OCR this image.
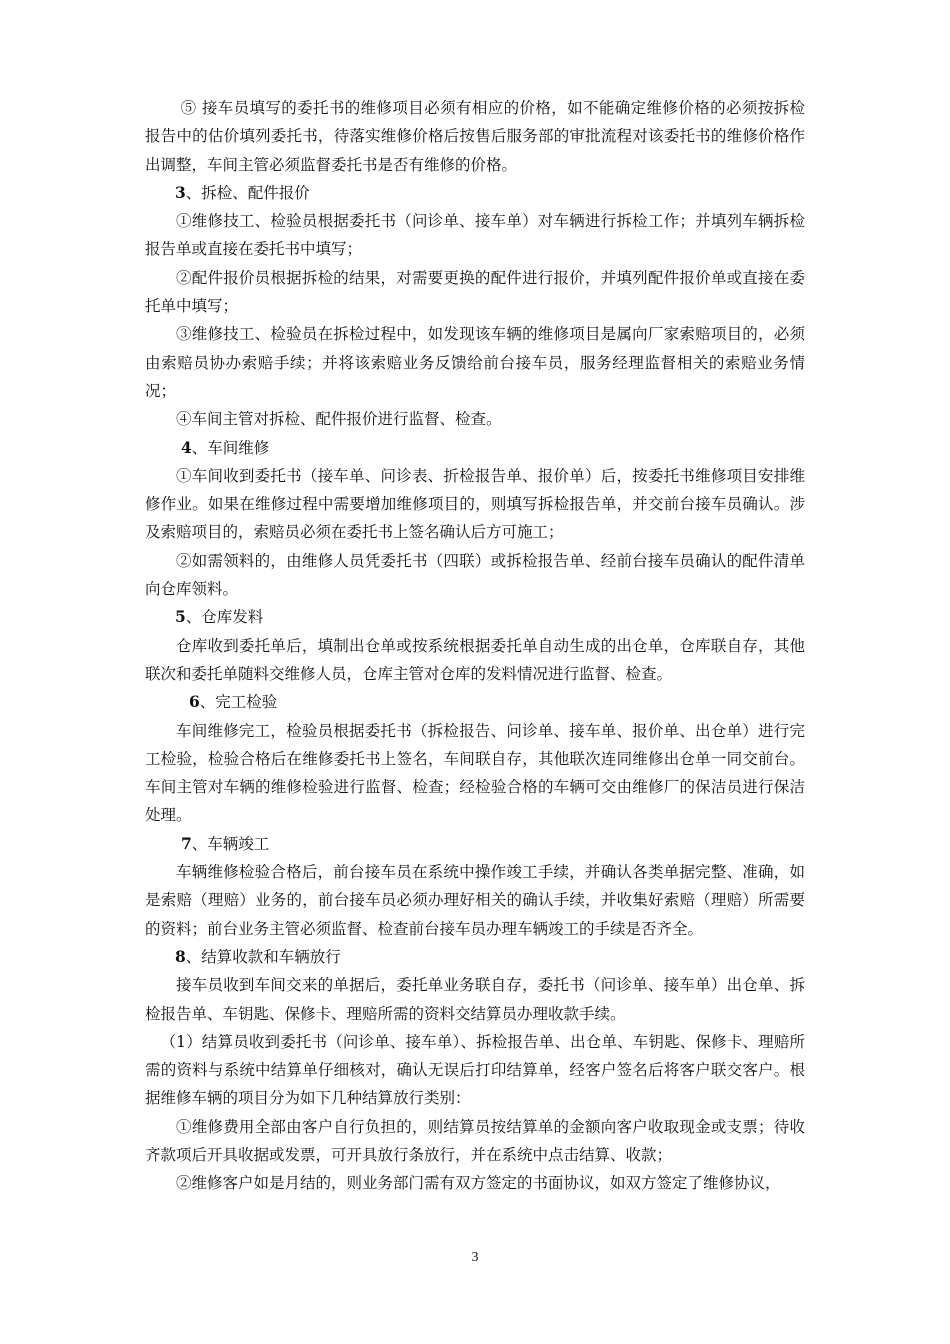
⑤ 接车员填写的委托书的维修项目必须有相应的价格，如不能确定维修价格的必须按拆检报告中的估价填列委托书，待落实维修价格后按售后服务部的审批流程对该委托书的维修价格作出调整，车间主管必须监督委托书是否有维修的价格。

3、拆检、配件报价

①维修技工、检验员根据委托书（问诊单、接车单）对车辆进行拆检工作；并填列车辆拆检报告单或直接在委托书中填写；

②配件报价员根据拆检的结果，对需要更换的配件进行报价，并填列配件报价单或直接在委托单中填写；

③维修技工、检验员在拆检过程中，如发现该车辆的维修项目是属向厂家索赔项目的，必须由索赔员协办索赔手续；并将该索赔业务反馈给前台接车员，服务经理监督相关的索赔业务情况；

④车间主管对拆检、配件报价进行监督、检查。

4、车间维修

①车间收到委托书（接车单、问诊表、折检报告单、报价单）后，按委托书维修项目安排维修作业。如果在维修过程中需要增加维修项目的，则填写拆检报告单，并交前台接车员确认。涉及索赔项目的，索赔员必须在委托书上签名确认后方可施工；

②如需领料的，由维修人员凭委托书（四联）或拆检报告单、经前台接车员确认的配件清单向仓库领料。

5、仓库发料

仓库收到委托单后，填制出仓单或按系统根据委托单自动生成的出仓单，仓库联自存，其他联次和委托单随料交维修人员，仓库主管对仓库的发料情况进行监督、检查。

6、完工检验

车间维修完工，检验员根据委托书（拆检报告、问诊单、接车单、报价单、出仓单）进行完工检验，检验合格后在维修委托书上签名，车间联自存，其他联次连同维修出仓单一同交前台。车间主管对车辆的维修检验进行监督、检查；经检验合格的车辆可交由维修厂的保洁员进行保洁处理。

7、车辆竣工

车辆维修检验合格后，前台接车员在系统中操作竣工手续，并确认各类单据完整、准确，如是索赔（理赔）业务的，前台接车员必须办理好相关的确认手续，并收集好索赔（理赔）所需要的资料；前台业务主管必须监督、检查前台接车员办理车辆竣工的手续是否齐全。

8、结算收款和车辆放行

接车员收到车间交来的单据后，委托单业务联自存，委托书（问诊单、接车单）出仓单、拆检报告单、车钥匙、保修卡、理赔所需的资料交结算员办理收款手续。

（1）结算员收到委托书（问诊单、接车单）、拆检报告单、出仓单、车钥匙、保修卡、理赔所需的资料与系统中结算单仔细核对，确认无误后打印结算单，经客户签名后将客户联交客户。根据维修车辆的项目分为如下几种结算放行类别：

①维修费用全部由客户自行负担的，则结算员按结算单的金额向客户收取现金或支票；待收齐款项后开具收据或发票，可开具放行条放行，并在系统中点击结算、收款；

②维修客户如是月结的，则业务部门需有双方签定的书面协议，如双方签定了维修协议，

3
